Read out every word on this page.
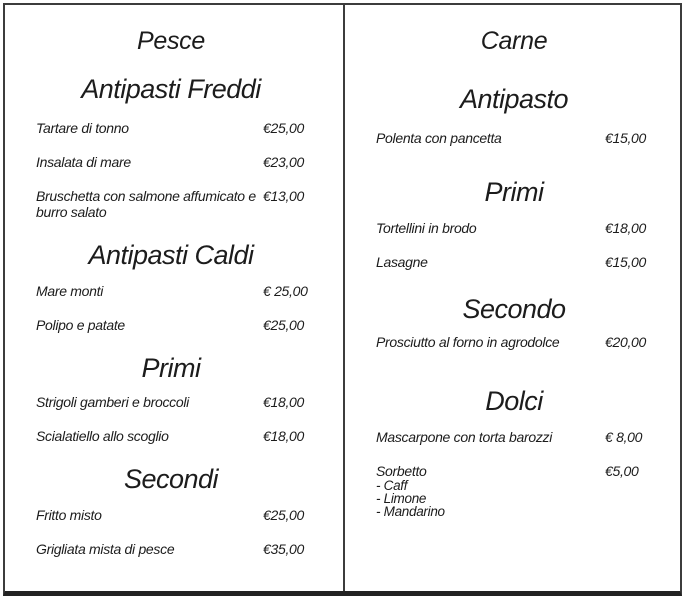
Pesce
Antipasti Freddi
Tartare di tonno	€25,00
Insalata di mare	€23,00
Bruschetta con salmone affumicato e burro salato
€13,00
Antipasti Caldi
Mare monti	€ 25,00
Polipo e patate	€25,00
Primi
Strigoli gamberi e broccoli	€18,00
Scialatiello allo scoglio	€18,00
Secondi
Fritto misto	€25,00
Grigliata mista di pesce	€35,00
Carne
Antipasto
Polenta con pancetta	€15,00
Primi
Tortellini in brodo	€18,00
Lasagne	€15,00
Secondo
Prosciutto al forno in agrodolce	€20,00
Dolci
Mascarpone con torta barozzi	€ 8,00
Sorbetto
- Caff
- Limone
- Mandarino
€5,00
